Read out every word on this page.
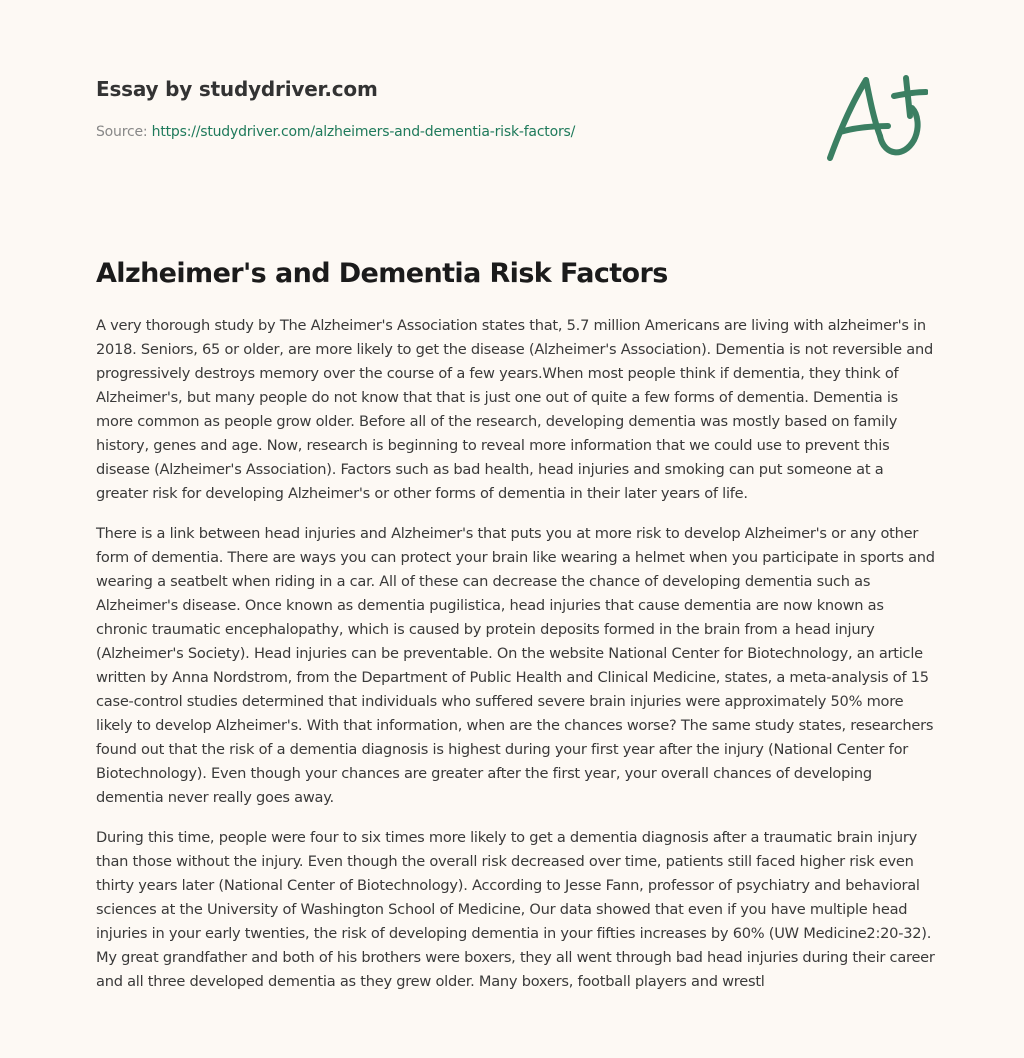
Essay by studydriver.com
Source: https://studydriver.com/alzheimers-and-dementia-risk-factors/
Alzheimer's and Dementia Risk Factors

A very thorough study by The Alzheimer's Association states that, 5.7 million Americans are living with alzheimer's in 2018. Seniors, 65 or older, are more likely to get the disease (Alzheimer's Association). Dementia is not reversible and progressively destroys memory over the course of a few years.When most people think if dementia, they think of Alzheimer's, but many people do not know that that is just one out of quite a few forms of dementia. Dementia is more common as people grow older. Before all of the research, developing dementia was mostly based on family history, genes and age. Now, research is beginning to reveal more information that we could use to prevent this disease (Alzheimer's Association). Factors such as bad health, head injuries and smoking can put someone at a greater risk for developing Alzheimer's or other forms of dementia in their later years of life.

There is a link between head injuries and Alzheimer's that puts you at more risk to develop Alzheimer's or any other form of dementia. There are ways you can protect your brain like wearing a helmet when you participate in sports and wearing a seatbelt when riding in a car. All of these can decrease the chance of developing dementia such as Alzheimer's disease. Once known as dementia pugilistica, head injuries that cause dementia are now known as chronic traumatic encephalopathy, which is caused by protein deposits formed in the brain from a head injury (Alzheimer's Society). Head injuries can be preventable. On the website National Center for Biotechnology, an article written by Anna Nordstrom, from the Department of Public Health and Clinical Medicine, states, a meta-analysis of 15 case-control studies determined that individuals who suffered severe brain injuries were approximately 50% more likely to develop Alzheimer's. With that information, when are the chances worse? The same study states, researchers found out that the risk of a dementia diagnosis is highest during your first year after the injury (National Center for Biotechnology). Even though your chances are greater after the first year, your overall chances of developing dementia never really goes away.

During this time, people were four to six times more likely to get a dementia diagnosis after a traumatic brain injury than those without the injury. Even though the overall risk decreased over time, patients still faced higher risk even thirty years later (National Center of Biotechnology). According to Jesse Fann, professor of psychiatry and behavioral sciences at the University of Washington School of Medicine, Our data showed that even if you have multiple head injuries in your early twenties, the risk of developing dementia in your fifties increases by 60% (UW Medicine2:20-32). My great grandfather and both of his brothers were boxers, they all went through bad head injuries during their career and all three developed dementia as they grew older. Many boxers, football players and wrestl
